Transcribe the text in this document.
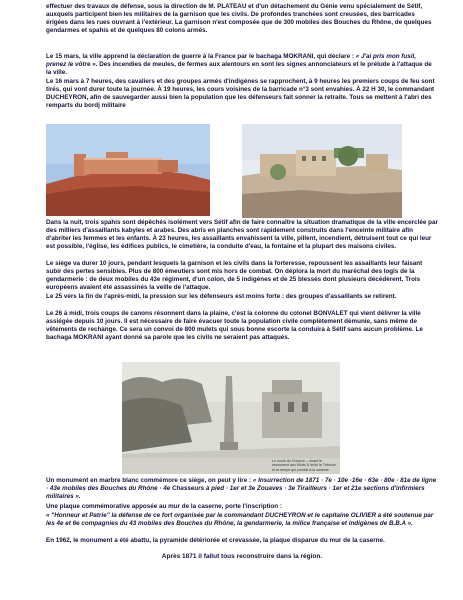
effectuer des travaux de défense, sous la direction de M. PLATEAU et d'un détachement du Génie venu spécialement de Sétif, auxquels participent bien les militaires de la garnison que les civils. De profondes tranchées sont creusées, des barricades érigées dans les rues ouvrant à l'extérieur. La garnison n'est composée que de 300 mobiles des Bouches du Rhône, de quelques gendarmes et spahis et de quelques 80 colons armés.

Le 15 mars, la ville apprend la déclaration de guerre à la France par le bachaga MOKRANI, qui déclare : « J'ai pris mon fusil, prenez le vôtre ». Des incendies de meules, de fermes aux alentours en sont les signes annonciateurs et le prélude à l'attaque de la ville.

Le 16 mars à 7 heures, des cavaliers et des groupes armés d'indigènes se rapprochent, à 9 heures les premiers coups de feu sont tirés, qui vont durer toute la journée. À 19 heures, les cours voisines de la barricade n°3 sont envahies. À 22 H 30, le commandant DUCHEYRON, afin de sauvegarder aussi bien la population que les défenseurs fait sonner la retraite. Tous se mettent à l'abri des remparts du bordj militaire

Dans la nuit, trois spahis sont dépêchés isolément vers Sétif afin de faire connaître la situation dramatique de la ville encerclée par des milliers d'assaillants kabyles et arabes. Des abris en planches sont rapidement construits dans l'enceinte militaire afin d'abriter les femmes et les enfants. À 23 heures, les assaillants envahissent la ville, pillent, incendient, détruisent tout ce qui leur est possible, l'église, les édifices publics, le cimetière, la conduite d'eau, la fontaine et la plupart des maisons civiles.

Le siège va durer 10 jours, pendant lesquels la garnison et les civils dans la forteresse, repoussent les assaillants leur faisant subir des pertes sensibles. Plus de 800 émeutiers sont mis hors de combat. On déplora la mort du maréchal des logis de la gendarmerie : de deux mobiles du 43e régiment, d'un colon, de 5 indigènes et de 25 blessés dont plusieurs décédèrent. Trois européens avaient été assassinés la veille de l'attaque.

Le 25 vers la fin de l'après-midi, la pression sur les défenseurs est moins forte : des groupes d'assaillants se retirent.

Le 26 à midi, trois coups de canons résonnent dans la plaine, c'est la colonne du colonel BONVALET qui vient délivrer la ville assiégée depuis 10 jours. Il est nécessaire de faire évacuer toute la population civile complètement démunie, sans même de vêtements de rechange. Ce sera un convoi de 800 mulets qui sous bonne escorte la conduira à Sétif sans aucun problème. Le bachaga MOKRANI ayant donné sa parole que les civils ne seraient pas attaqués.

Le cours du Cheyron – avant le monument aux Morts & drôle le Tribunal et la rampe qui conduit à la caserne

Un monument en marbre blanc commémore ce siège, on peut y lire : « Insurrection de 1871 · 7e · 10e ·16e · 63e · 80e · 81e de ligne · 43e mobiles des Bouches du Rhône · 4e Chasseurs à pied · 1er et 3e Zouaves · 3e Tirailleurs · 1er et 21e sections d'infirmiers militaires ».

Une plaque commémorative apposée au mur de la caserne, porte l'inscription :

« "Honneur et Patrie" la défense de ce fort organisée par le commandant DUCHEYRON et le capitaine OLIVIER a été soutenue par les 4e et 6e compagnies du 43 mobiles des Bouches du Rhône, la gendarmerie, la milice française et indigènes de B.B.A ».

En 1962, le monument a été abattu, la pyramide détériorée et crevassée, la plaque disparue du mur de la caserne.

Après 1871 il fallut tous reconstruire dans la région.
